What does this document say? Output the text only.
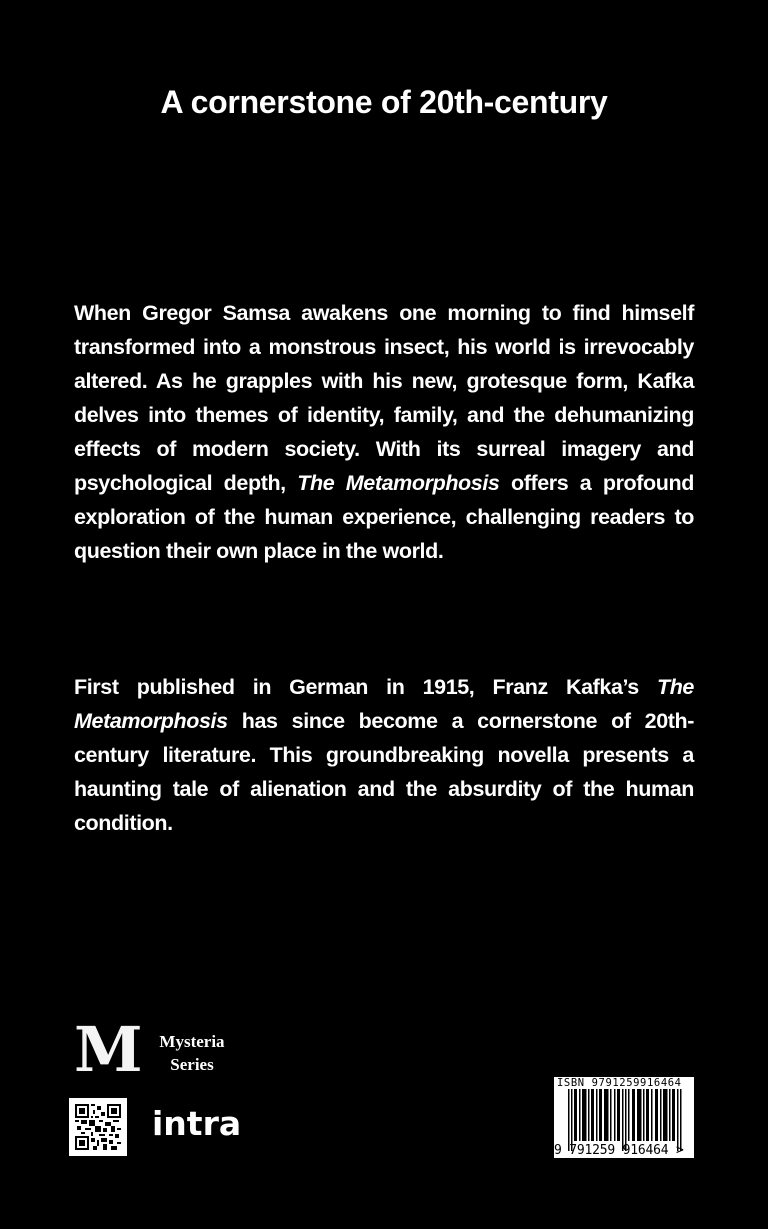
A cornerstone of 20th-century

When Gregor Samsa awakens one morning to find himself transformed into a monstrous insect, his world is irrevocably altered. As he grapples with his new, grotesque form, Kafka delves into themes of identity, family, and the dehumanizing effects of modern society. With its surreal imagery and psychological depth, The Metamorphosis offers a profound exploration of the human experience, challenging readers to question their own place in the world.

First published in German in 1915, Franz Kafka’s The Metamorphosis has since become a cornerstone of 20th-century literature. This groundbreaking novella presents a haunting tale of alienation and the absurdity of the human condition.

M	Mysteria
Series
intra
ISBN 9791259916464
9 791259 916464 >
